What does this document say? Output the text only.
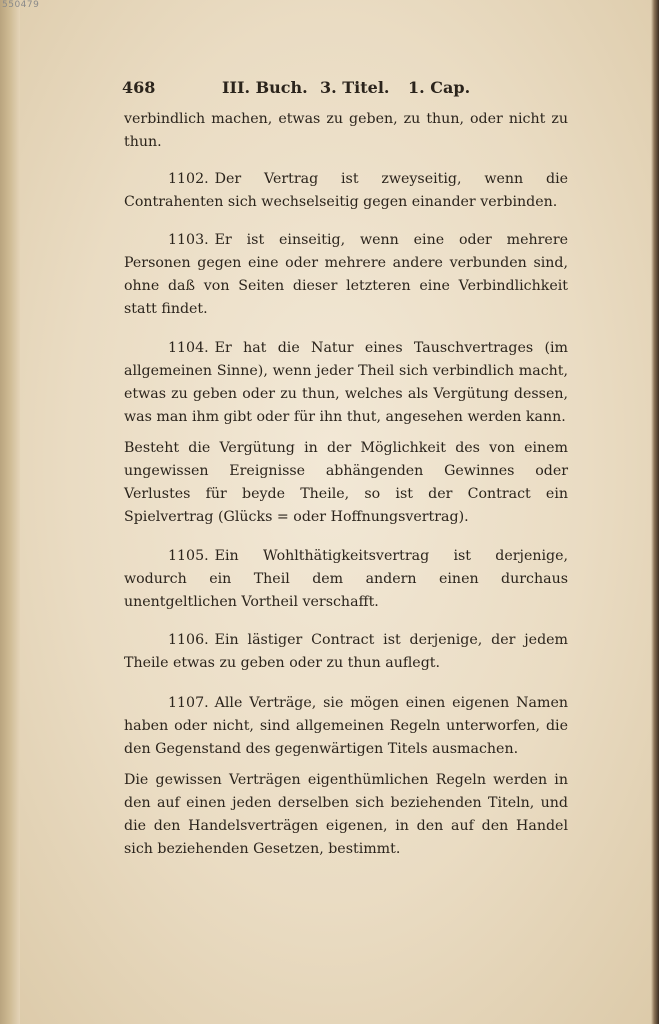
550479
468	III. Buch. 3. Titel. 1. Cap.

verbindlich machen, etwas zu geben, zu thun, oder nicht zu thun.

1102. Der Vertrag ist zweyseitig, wenn die Contrahenten sich wechselseitig gegen einander verbinden.

1103. Er ist einseitig, wenn eine oder mehrere Personen gegen eine oder mehrere andere verbunden sind, ohne daß von Seiten dieser letzteren eine Verbindlichkeit statt findet.

1104. Er hat die Natur eines Tauschvertrages (im allgemeinen Sinne), wenn jeder Theil sich verbindlich macht, etwas zu geben oder zu thun, welches als Vergütung dessen, was man ihm gibt oder für ihn thut, angesehen werden kann.

Besteht die Vergütung in der Möglichkeit des von einem ungewissen Ereignisse abhängenden Gewinnes oder Verlustes für beyde Theile, so ist der Contract ein Spielvertrag (Glücks = oder Hoffnungsvertrag).

1105. Ein Wohlthätigkeitsvertrag ist derjenige, wodurch ein Theil dem andern einen durchaus unentgeltlichen Vortheil verschafft.

1106. Ein lästiger Contract ist derjenige, der jedem Theile etwas zu geben oder zu thun auflegt.

1107. Alle Verträge, sie mögen einen eigenen Namen haben oder nicht, sind allgemeinen Regeln unterworfen, die den Gegenstand des gegenwärtigen Titels ausmachen.

Die gewissen Verträgen eigenthümlichen Regeln werden in den auf einen jeden derselben sich beziehenden Titeln, und die den Handelsverträgen eigenen, in den auf den Handel sich beziehenden Gesetzen, bestimmt.
